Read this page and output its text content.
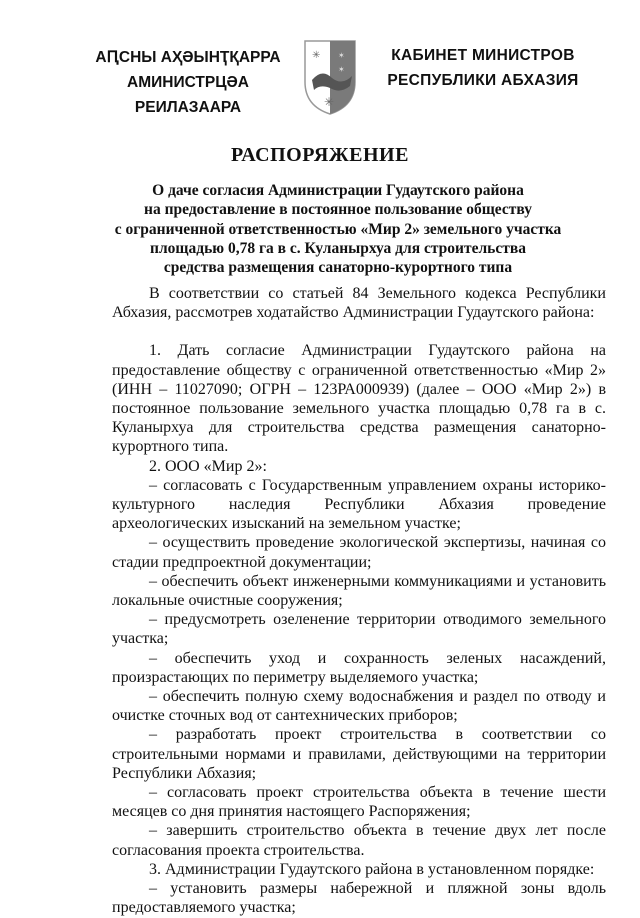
АԤСНЫ АҲӘЫНҬҚАРРА
АМИНИСТРЦӘА РЕИЛАЗААРА
✳ ✶
✶
✳
КАБИНЕТ МИНИСТРОВ
РЕСПУБЛИКИ АБХАЗИЯ
РАСПОРЯЖЕНИЕ
О даче согласия Администрации Гудаутского района
на предоставление в постоянное пользование обществу
с ограниченной ответственностью «Мир 2» земельного участка
площадью 0,78 га в с. Куланырхуа для строительства
средства размещения санаторно-курортного типа

В соответствии со статьей 84 Земельного кодекса Республики Абхазия, рассмотрев ходатайство Администрации Гудаутского района:

1. Дать согласие Администрации Гудаутского района на предоставление обществу с ограниченной ответственностью «Мир 2» (ИНН – 11027090; ОГРН – 123РА000939) (далее – ООО «Мир 2») в постоянное пользование земельного участка площадью 0,78 га в с. Куланырхуа для строительства средства размещения санаторно-курортного типа.

2. ООО «Мир 2»:

– согласовать с Государственным управлением охраны историко-культурного наследия Республики Абхазия проведение археологических изысканий на земельном участке;

– осуществить проведение экологической экспертизы, начиная со стадии предпроектной документации;

– обеспечить объект инженерными коммуникациями и установить локальные очистные сооружения;

– предусмотреть озеленение территории отводимого земельного участка;

– обеспечить уход и сохранность зеленых насаждений, произрастающих по периметру выделяемого участка;

– обеспечить полную схему водоснабжения и раздел по отводу и очистке сточных вод от сантехнических приборов;

– разработать проект строительства в соответствии со строительными нормами и правилами, действующими на территории Республики Абхазия;

– согласовать проект строительства объекта в течение шести месяцев со дня принятия настоящего Распоряжения;

– завершить строительство объекта в течение двух лет после согласования проекта строительства.

3. Администрации Гудаутского района в установленном порядке:

– установить размеры набережной и пляжной зоны вдоль предоставляемого участка;
